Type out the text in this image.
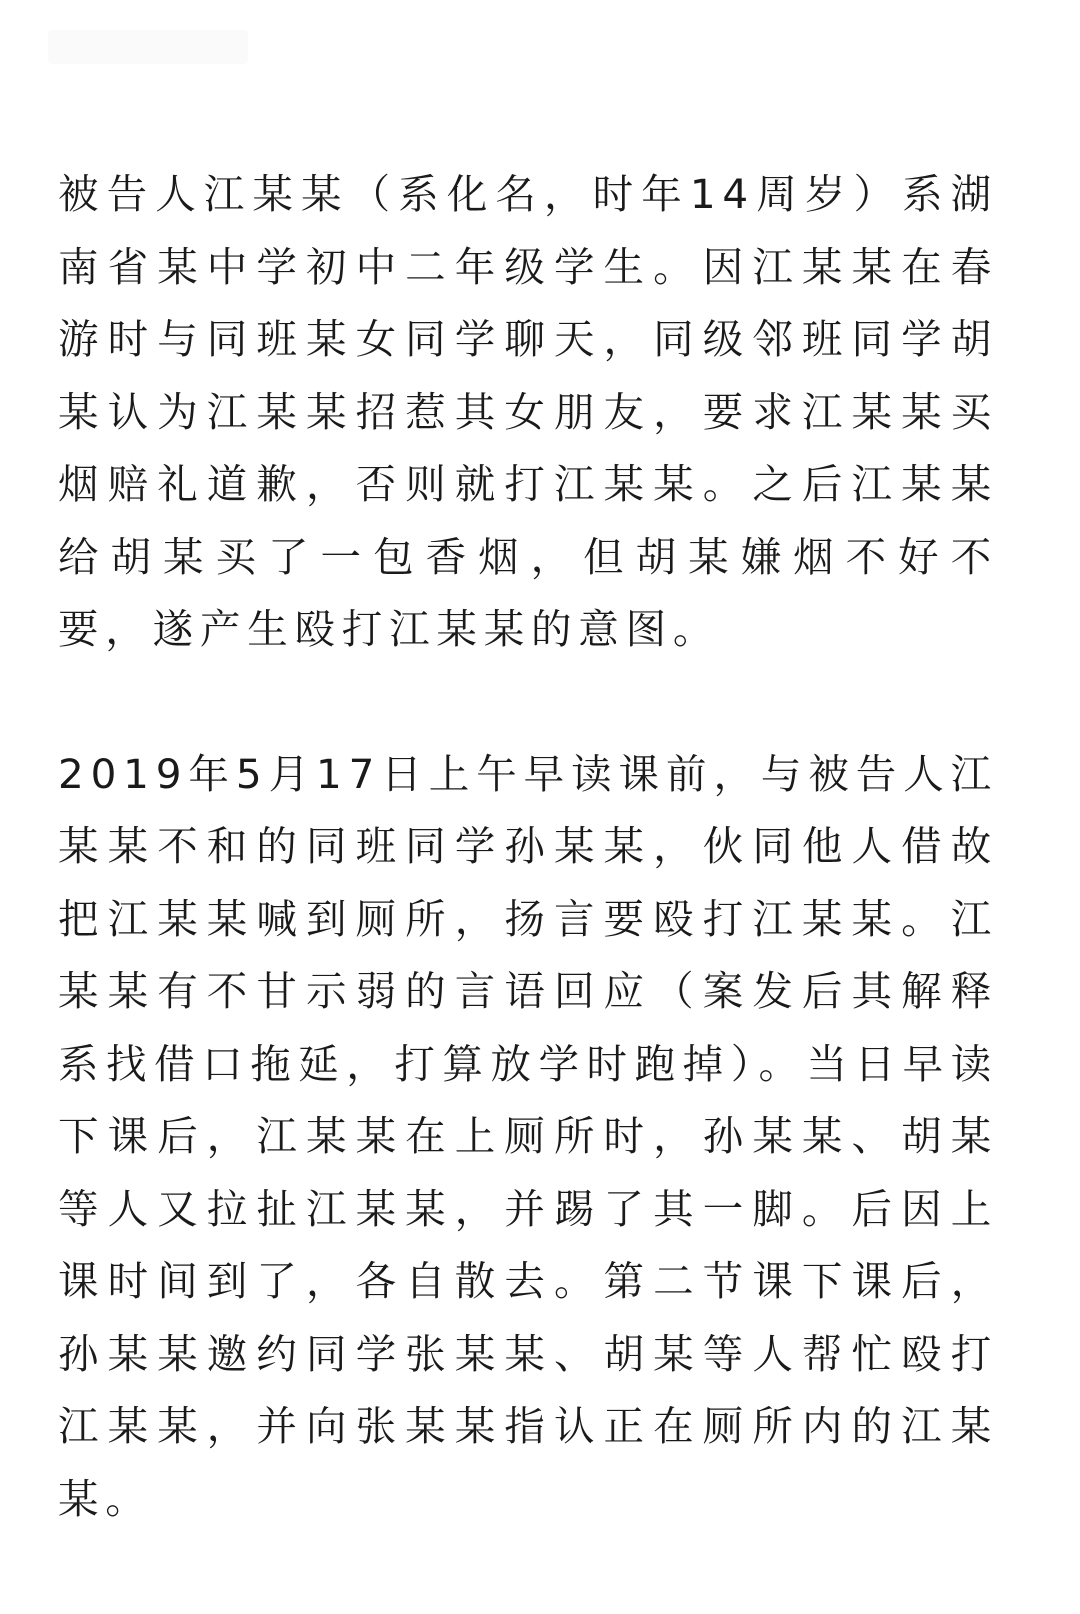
被告人江某某（系化名，时年14周岁）系湖南省某中学初中二年级学生。因江某某在春游时与同班某女同学聊天，同级邻班同学胡某认为江某某招惹其女朋友，要求江某某买烟赔礼道歉，否则就打江某某。之后江某某给胡某买了一包香烟，但胡某嫌烟不好不要，遂产生殴打江某某的意图。

2019年5月17日上午早读课前，与被告人江某某不和的同班同学孙某某，伙同他人借故把江某某喊到厕所，扬言要殴打江某某。江某某有不甘示弱的言语回应（案发后其解释系找借口拖延，打算放学时跑掉）。当日早读下课后，江某某在上厕所时，孙某某、胡某等人又拉扯江某某，并踢了其一脚。后因上课时间到了，各自散去。第二节课下课后，孙某某邀约同学张某某、胡某等人帮忙殴打江某某，并向张某某指认正在厕所内的江某某。
